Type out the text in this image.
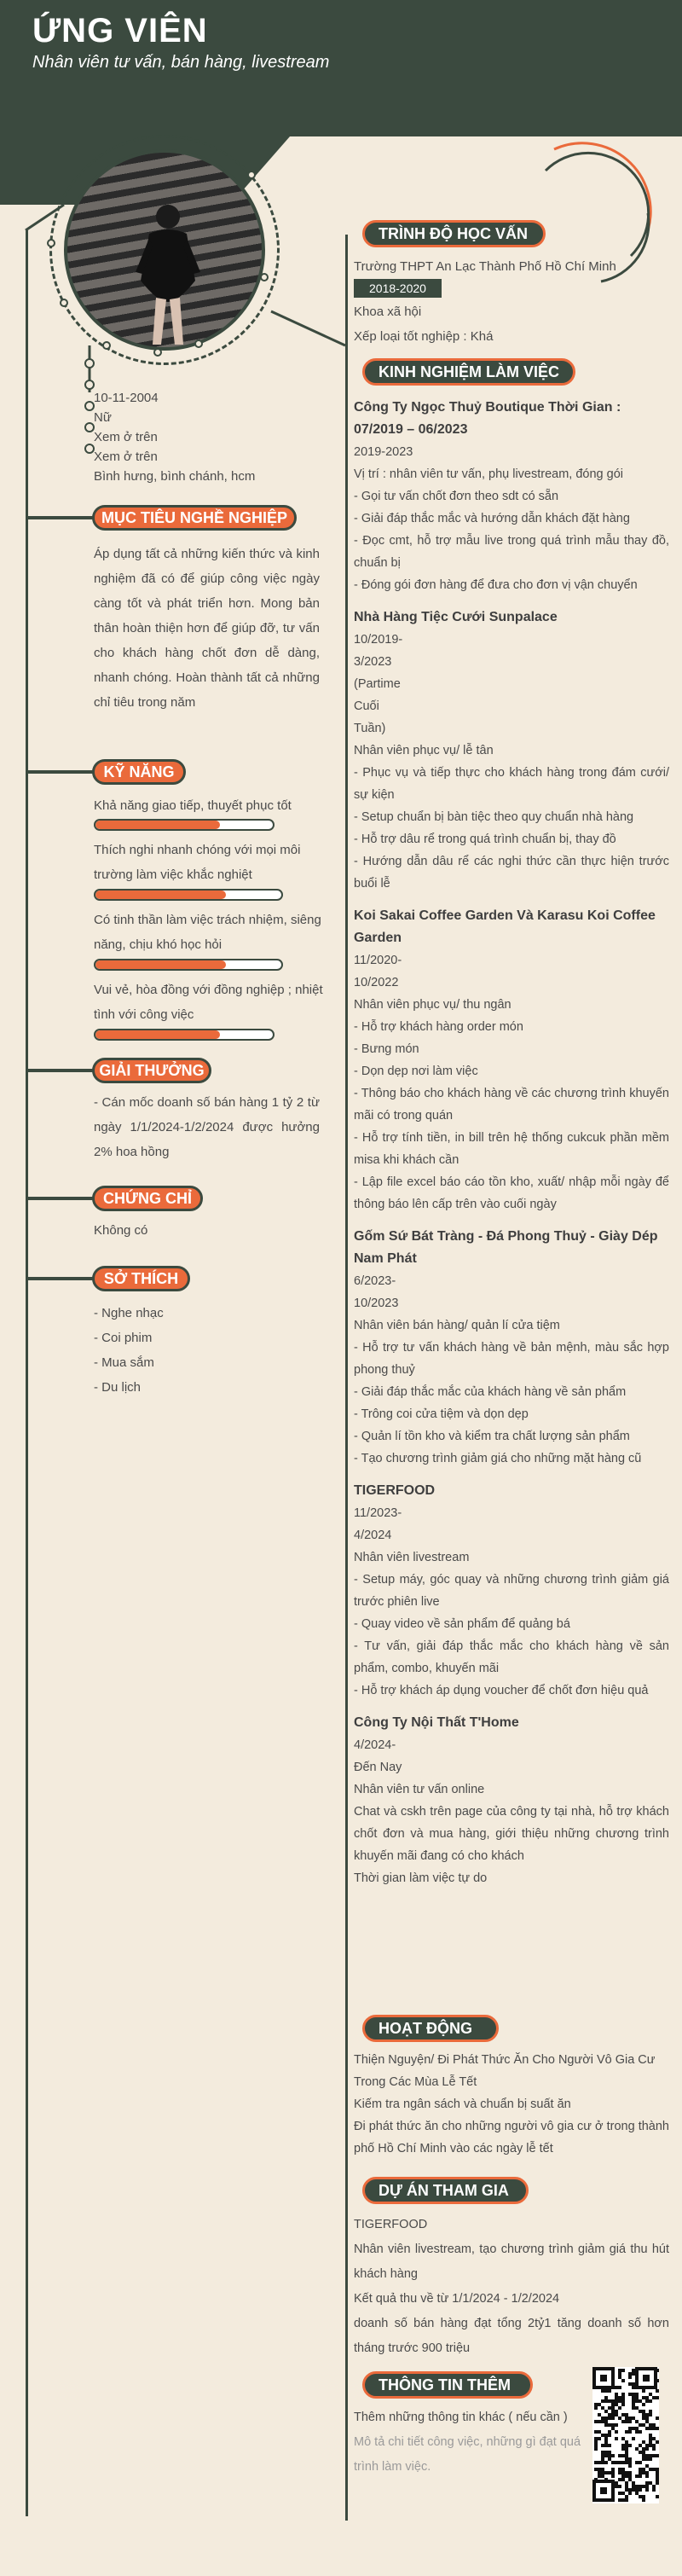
ỨNG VIÊN
Nhân viên tư vấn, bán hàng, livestream
10-11-2004
Nữ
Xem ở trên
Xem ở trên
Bình hưng, bình chánh, hcm
MỤC TIÊU NGHỀ NGHIỆP
Áp dụng tất cả những kiến thức và kinh nghiệm đã có để giúp công việc ngày càng tốt và phát triển hơn. Mong bản thân hoàn thiện hơn để giúp đỡ, tư vấn cho khách hàng chốt đơn dễ dàng, nhanh chóng. Hoàn thành tất cả những chỉ tiêu trong năm
KỸ NĂNG
Khả năng giao tiếp, thuyết phục tốt
Thích nghi nhanh chóng với mọi môi trường làm việc khắc nghiệt
Có tinh thần làm việc trách nhiệm, siêng năng, chịu khó học hỏi
Vui vẻ, hòa đồng với đồng nghiệp ; nhiệt tình với công việc
GIẢI THƯỞNG
- Cán mốc doanh số bán hàng 1 tỷ 2 từ ngày 1/1/2024-1/2/2024 được hưởng 2% hoa hồng
CHỨNG CHỈ
Không có
SỞ THÍCH
- Nghe nhạc
- Coi phim
- Mua sắm
- Du lịch
TRÌNH ĐỘ HỌC VẤN
Trường THPT An Lạc Thành Phố Hồ Chí Minh
2018-2020
Khoa xã hội
Xếp loại tốt nghiệp : Khá
KINH NGHIỆM LÀM VIỆC
Công Ty Ngọc Thuỷ Boutique Thời Gian : 07/2019 – 06/2023
2019-2023
Vị trí : nhân viên tư vấn, phụ livestream, đóng gói
- Gọi tư vấn chốt đơn theo sdt có sẵn
- Giải đáp thắc mắc và hướng dẫn khách đặt hàng
- Đọc cmt, hỗ trợ mẫu live trong quá trình mẫu thay đồ, chuẩn bị
- Đóng gói đơn hàng để đưa cho đơn vị vận chuyển
Nhà Hàng Tiệc Cưới Sunpalace
10/2019- 3/2023 (Partime Cuối Tuần)
Nhân viên phục vụ/ lễ tân
- Phục vụ và tiếp thực cho khách hàng trong đám cưới/ sự kiện
- Setup chuẩn bị bàn tiệc theo quy chuẩn nhà hàng
- Hỗ trợ dâu rể trong quá trình chuẩn bị, thay đồ
- Hướng dẫn dâu rể các nghi thức cần thực hiện trước buổi lễ
Koi Sakai Coffee Garden Và Karasu Koi Coffee Garden
11/2020- 10/2022
Nhân viên phục vụ/ thu ngân
- Hỗ trợ khách hàng order món
- Bưng món
- Dọn dẹp nơi làm việc
- Thông báo cho khách hàng về các chương trình khuyến mãi có trong quán
- Hỗ trợ tính tiền, in bill trên hệ thống cukcuk phần mềm misa khi khách cần
- Lập file excel báo cáo tồn kho, xuất/ nhập mỗi ngày để thông báo lên cấp trên vào cuối ngày
Gốm Sứ Bát Tràng - Đá Phong Thuỷ - Giày Dép Nam Phát
6/2023- 10/2023
Nhân viên bán hàng/ quản lí cửa tiệm
- Hỗ trợ tư vấn khách hàng về bản mệnh, màu sắc hợp phong thuỷ
- Giải đáp thắc mắc của khách hàng về sản phẩm
- Trông coi cửa tiệm và dọn dẹp
- Quản lí tồn kho và kiểm tra chất lượng sản phẩm
- Tạo chương trình giảm giá cho những mặt hàng cũ
TIGERFOOD
11/2023- 4/2024
Nhân viên livestream
- Setup máy, góc quay và những chương trình giảm giá trước phiên live
- Quay video về sản phẩm để quảng bá
- Tư vấn, giải đáp thắc mắc cho khách hàng về sản phẩm, combo, khuyến mãi
- Hỗ trợ khách áp dụng voucher để chốt đơn hiệu quả
Công Ty Nội Thất T'Home
4/2024-Đến Nay
Nhân viên tư vấn online
Chat và cskh trên page của công ty tại nhà, hỗ trợ khách chốt đơn và mua hàng, giới thiệu những chương trình khuyến mãi đang có cho khách
Thời gian làm việc tự do
HOẠT ĐỘNG
Thiện Nguyện/ Đi Phát Thức Ăn Cho Người Vô Gia Cư Trong Các Mùa Lễ Tết
Kiếm tra ngân sách và chuẩn bị suất ăn
Đi phát thức ăn cho những người vô gia cư ở trong thành phố Hồ Chí Minh vào các ngày lễ tết
DỰ ÁN THAM GIA
TIGERFOOD
Nhân viên livestream, tạo chương trình giảm giá thu hút khách hàng
Kết quả thu về từ 1/1/2024 - 1/2/2024
doanh số bán hàng đạt tổng 2tỷ1 tăng doanh số hơn tháng trước 900 triệu
THÔNG TIN THÊM
Thêm những thông tin khác ( nếu cần )
Mô tả chi tiết công việc, những gì đạt quá trình làm việc.
